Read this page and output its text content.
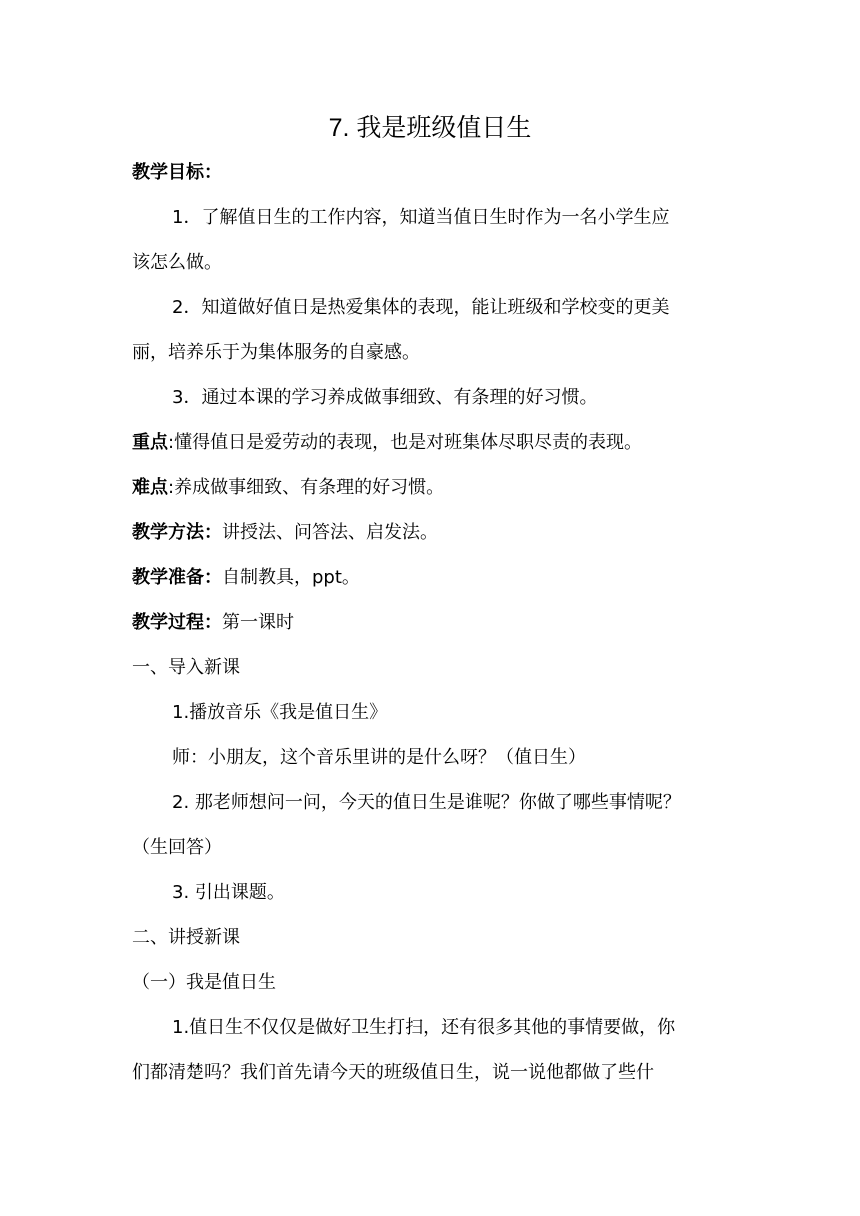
7. 我是班级值日生
教学目标：
1．了解值日生的工作内容，知道当值日生时作为一名小学生应
该怎么做。
2．知道做好值日是热爱集体的表现，能让班级和学校变的更美
丽，培养乐于为集体服务的自豪感。
3．通过本课的学习养成做事细致、有条理的好习惯。
重点:懂得值日是爱劳动的表现，也是对班集体尽职尽责的表现。
难点:养成做事细致、有条理的好习惯。
教学方法：讲授法、问答法、启发法。
教学准备：自制教具，ppt。
教学过程：第一课时
一、导入新课
1.播放音乐《我是值日生》
师：小朋友，这个音乐里讲的是什么呀？（值日生）
2. 那老师想问一问，今天的值日生是谁呢？你做了哪些事情呢？
（生回答）
3. 引出课题。
二、讲授新课
（一）我是值日生
1.值日生不仅仅是做好卫生打扫，还有很多其他的事情要做，你
们都清楚吗？我们首先请今天的班级值日生，说一说他都做了些什
